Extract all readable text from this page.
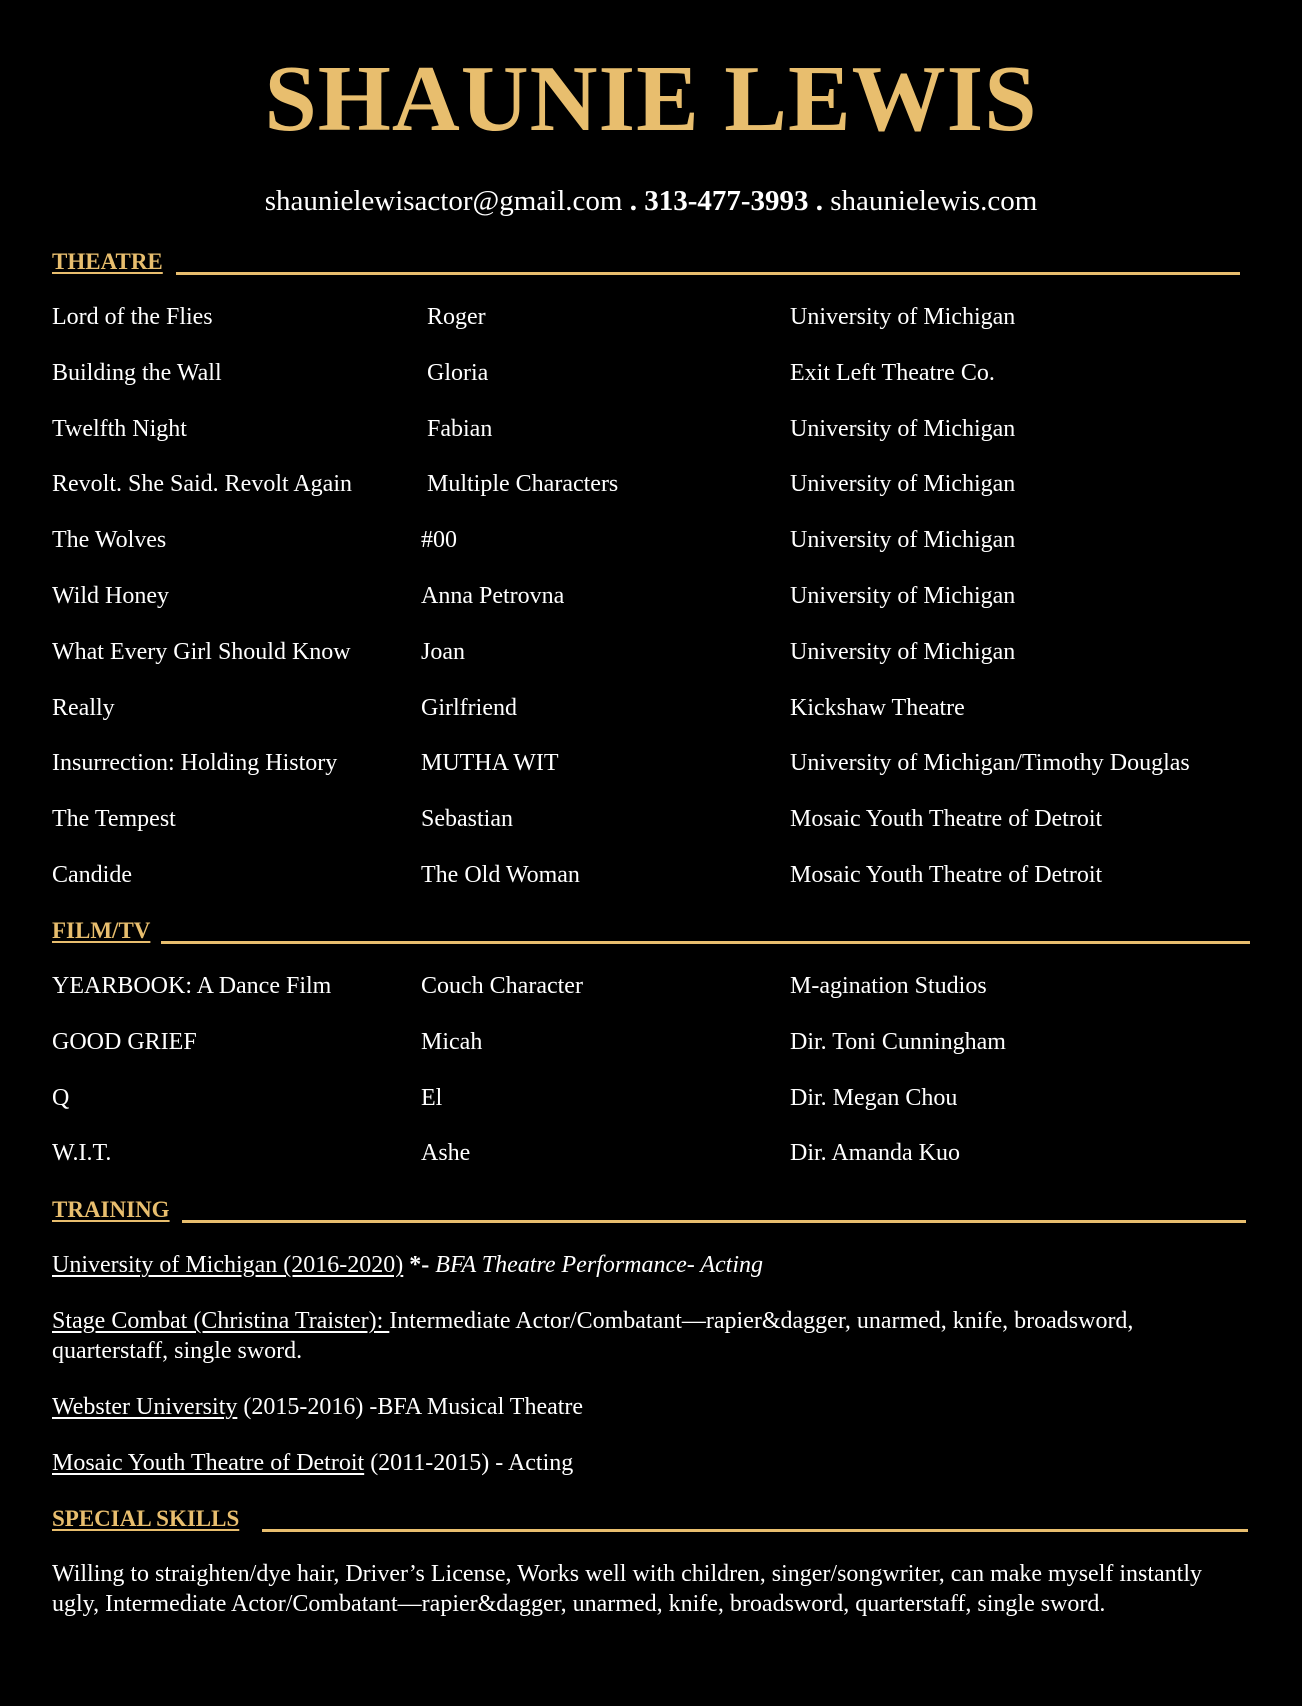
SHAUNIE LEWIS
shaunielewisactor@gmail.com . 313-477-3993 . shaunielewis.com
THEATRE
Lord of the Flies	Roger	University of Michigan
Building the Wall	Gloria	Exit Left Theatre Co.
Twelfth Night	Fabian	University of Michigan
Revolt. She Said. Revolt Again	Multiple Characters	University of Michigan
The Wolves	#00	University of Michigan
Wild Honey	Anna Petrovna	University of Michigan
What Every Girl Should Know	Joan	University of Michigan
Really	Girlfriend	Kickshaw Theatre
Insurrection: Holding History	MUTHA WIT	University of Michigan/Timothy Douglas
The Tempest	Sebastian	Mosaic Youth Theatre of Detroit
Candide	The Old Woman	Mosaic Youth Theatre of Detroit
FILM/TV
YEARBOOK: A Dance Film	Couch Character	M-agination Studios
GOOD GRIEF	Micah	Dir. Toni Cunningham
Q	El	Dir. Megan Chou
W.I.T.	Ashe	Dir. Amanda Kuo
TRAINING
University of Michigan (2016-2020) *- BFA Theatre Performance- Acting
Stage Combat (Christina Traister): Intermediate Actor/Combatant—rapier&dagger, unarmed, knife, broadsword, quarterstaff, single sword.
Webster University (2015-2016) -BFA Musical Theatre
Mosaic Youth Theatre of Detroit (2011-2015) - Acting
SPECIAL SKILLS
Willing to straighten/dye hair, Driver’s License, Works well with children, singer/songwriter, can make myself instantly ugly, Intermediate Actor/Combatant—rapier&dagger, unarmed, knife, broadsword, quarterstaff, single sword.
